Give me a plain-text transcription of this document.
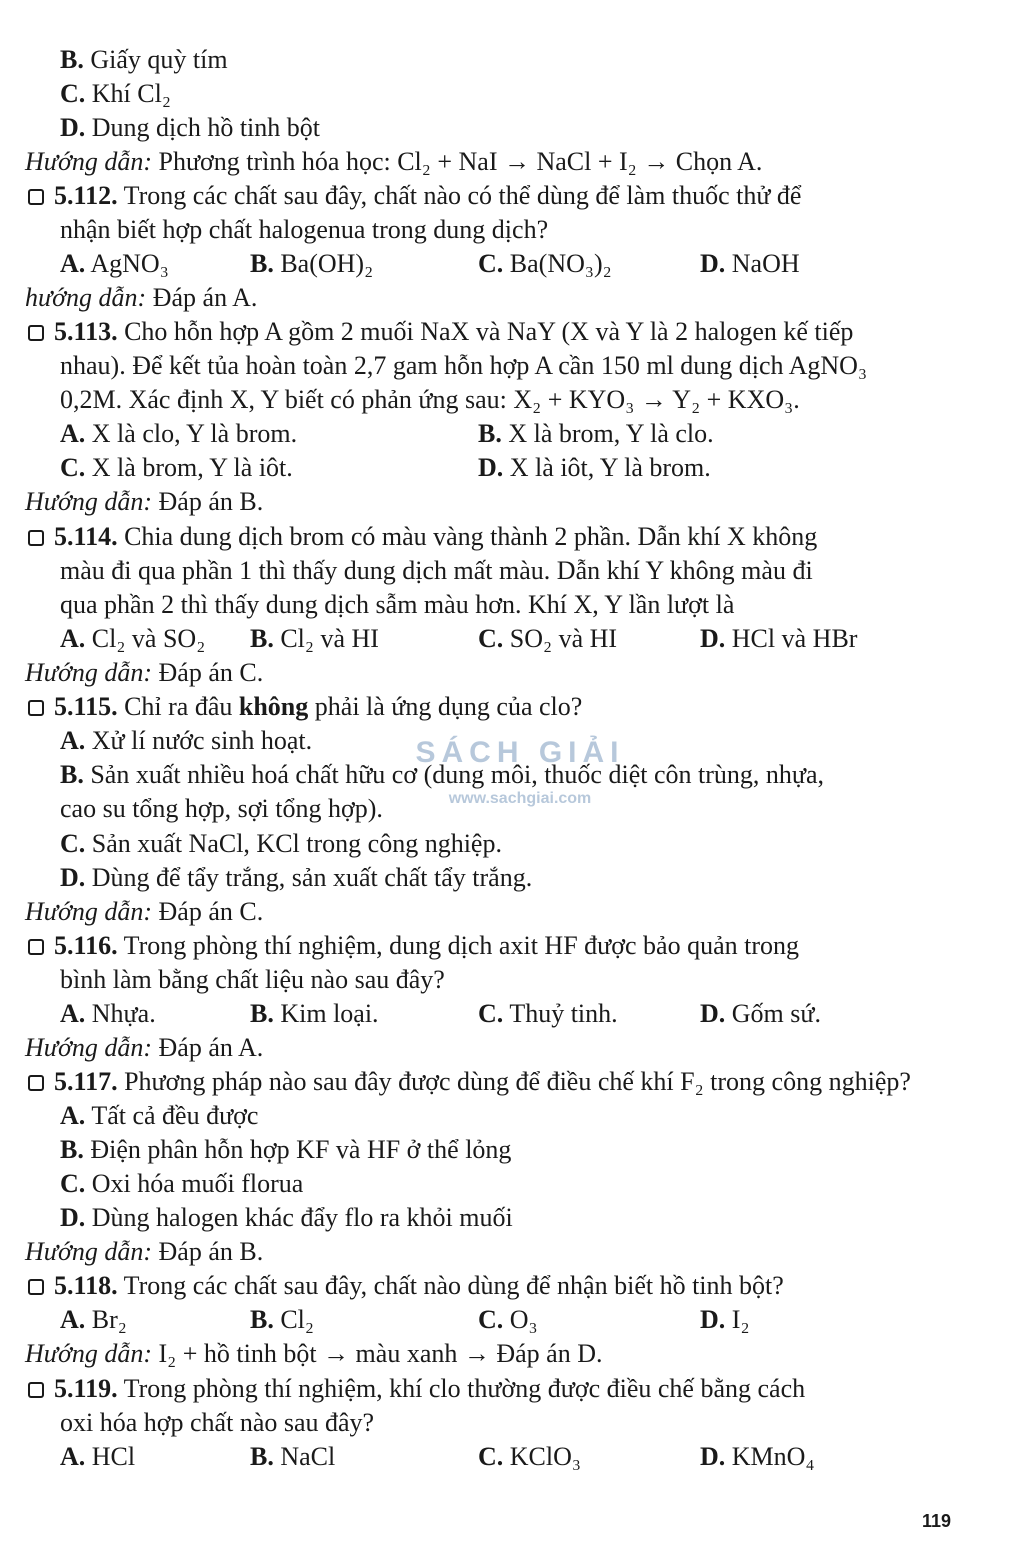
SÁCH GIẢI
www.sachgiai.com
B. Giấy quỳ tím
C. Khí Cl₂
D. Dung dịch hồ tinh bột
Hướng dẫn: Phương trình hóa học: Cl₂ + NaI → NaCl + I₂ → Chọn A.
5.112. Trong các chất sau đây, chất nào có thể dùng để làm thuốc thử để
nhận biết hợp chất halogenua trong dung dịch?
A. AgNO₃	B. Ba(OH)₂	C. Ba(NO₃)₂	D. NaOH
hướng dẫn: Đáp án A.
5.113. Cho hỗn hợp A gồm 2 muối NaX và NaY (X và Y là 2 halogen kế tiếp
nhau). Để kết tủa hoàn toàn 2,7 gam hỗn hợp A cần 150 ml dung dịch AgNO₃
0,2M. Xác định X, Y biết có phản ứng sau: X₂ + KYO₃ → Y₂ + KXO₃.
A. X là clo, Y là brom.	B. X là brom, Y là clo.
C. X là brom, Y là iôt.	D. X là iôt, Y là brom.
Hướng dẫn: Đáp án B.
5.114. Chia dung dịch brom có màu vàng thành 2 phần. Dẫn khí X không
màu đi qua phần 1 thì thấy dung dịch mất màu. Dẫn khí Y không màu đi
qua phần 2 thì thấy dung dịch sẫm màu hơn. Khí X, Y lần lượt là
A. Cl₂ và SO₂ B. Cl₂ và HI	C. SO₂ và HI	D. HCl và HBr
Hướng dẫn: Đáp án C.
5.115. Chỉ ra đâu không phải là ứng dụng của clo?
A. Xử lí nước sinh hoạt.
B. Sản xuất nhiều hoá chất hữu cơ (dung môi, thuốc diệt côn trùng, nhựa,
cao su tổng hợp, sợi tổng hợp).
C. Sản xuất NaCl, KCl trong công nghiệp.
D. Dùng để tẩy trắng, sản xuất chất tẩy trắng.
Hướng dẫn: Đáp án C.
5.116. Trong phòng thí nghiệm, dung dịch axit HF được bảo quản trong
bình làm bằng chất liệu nào sau đây?
A. Nhựa.	B. Kim loại.	C. Thuỷ tinh.	D. Gốm sứ.
Hướng dẫn: Đáp án A.
5.117. Phương pháp nào sau đây được dùng để điều chế khí F₂ trong công nghiệp?
A. Tất cả đều được
B. Điện phân hỗn hợp KF và HF ở thể lỏng
C. Oxi hóa muối florua
D. Dùng halogen khác đẩy flo ra khỏi muối
Hướng dẫn: Đáp án B.
5.118. Trong các chất sau đây, chất nào dùng để nhận biết hồ tinh bột?
A. Br₂	B. Cl₂	C. O₃	D. I₂
Hướng dẫn: I₂ + hồ tinh bột → màu xanh → Đáp án D.
5.119. Trong phòng thí nghiệm, khí clo thường được điều chế bằng cách
oxi hóa hợp chất nào sau đây?
A. HCl	B. NaCl	C. KClO₃	D. KMnO₄
119
